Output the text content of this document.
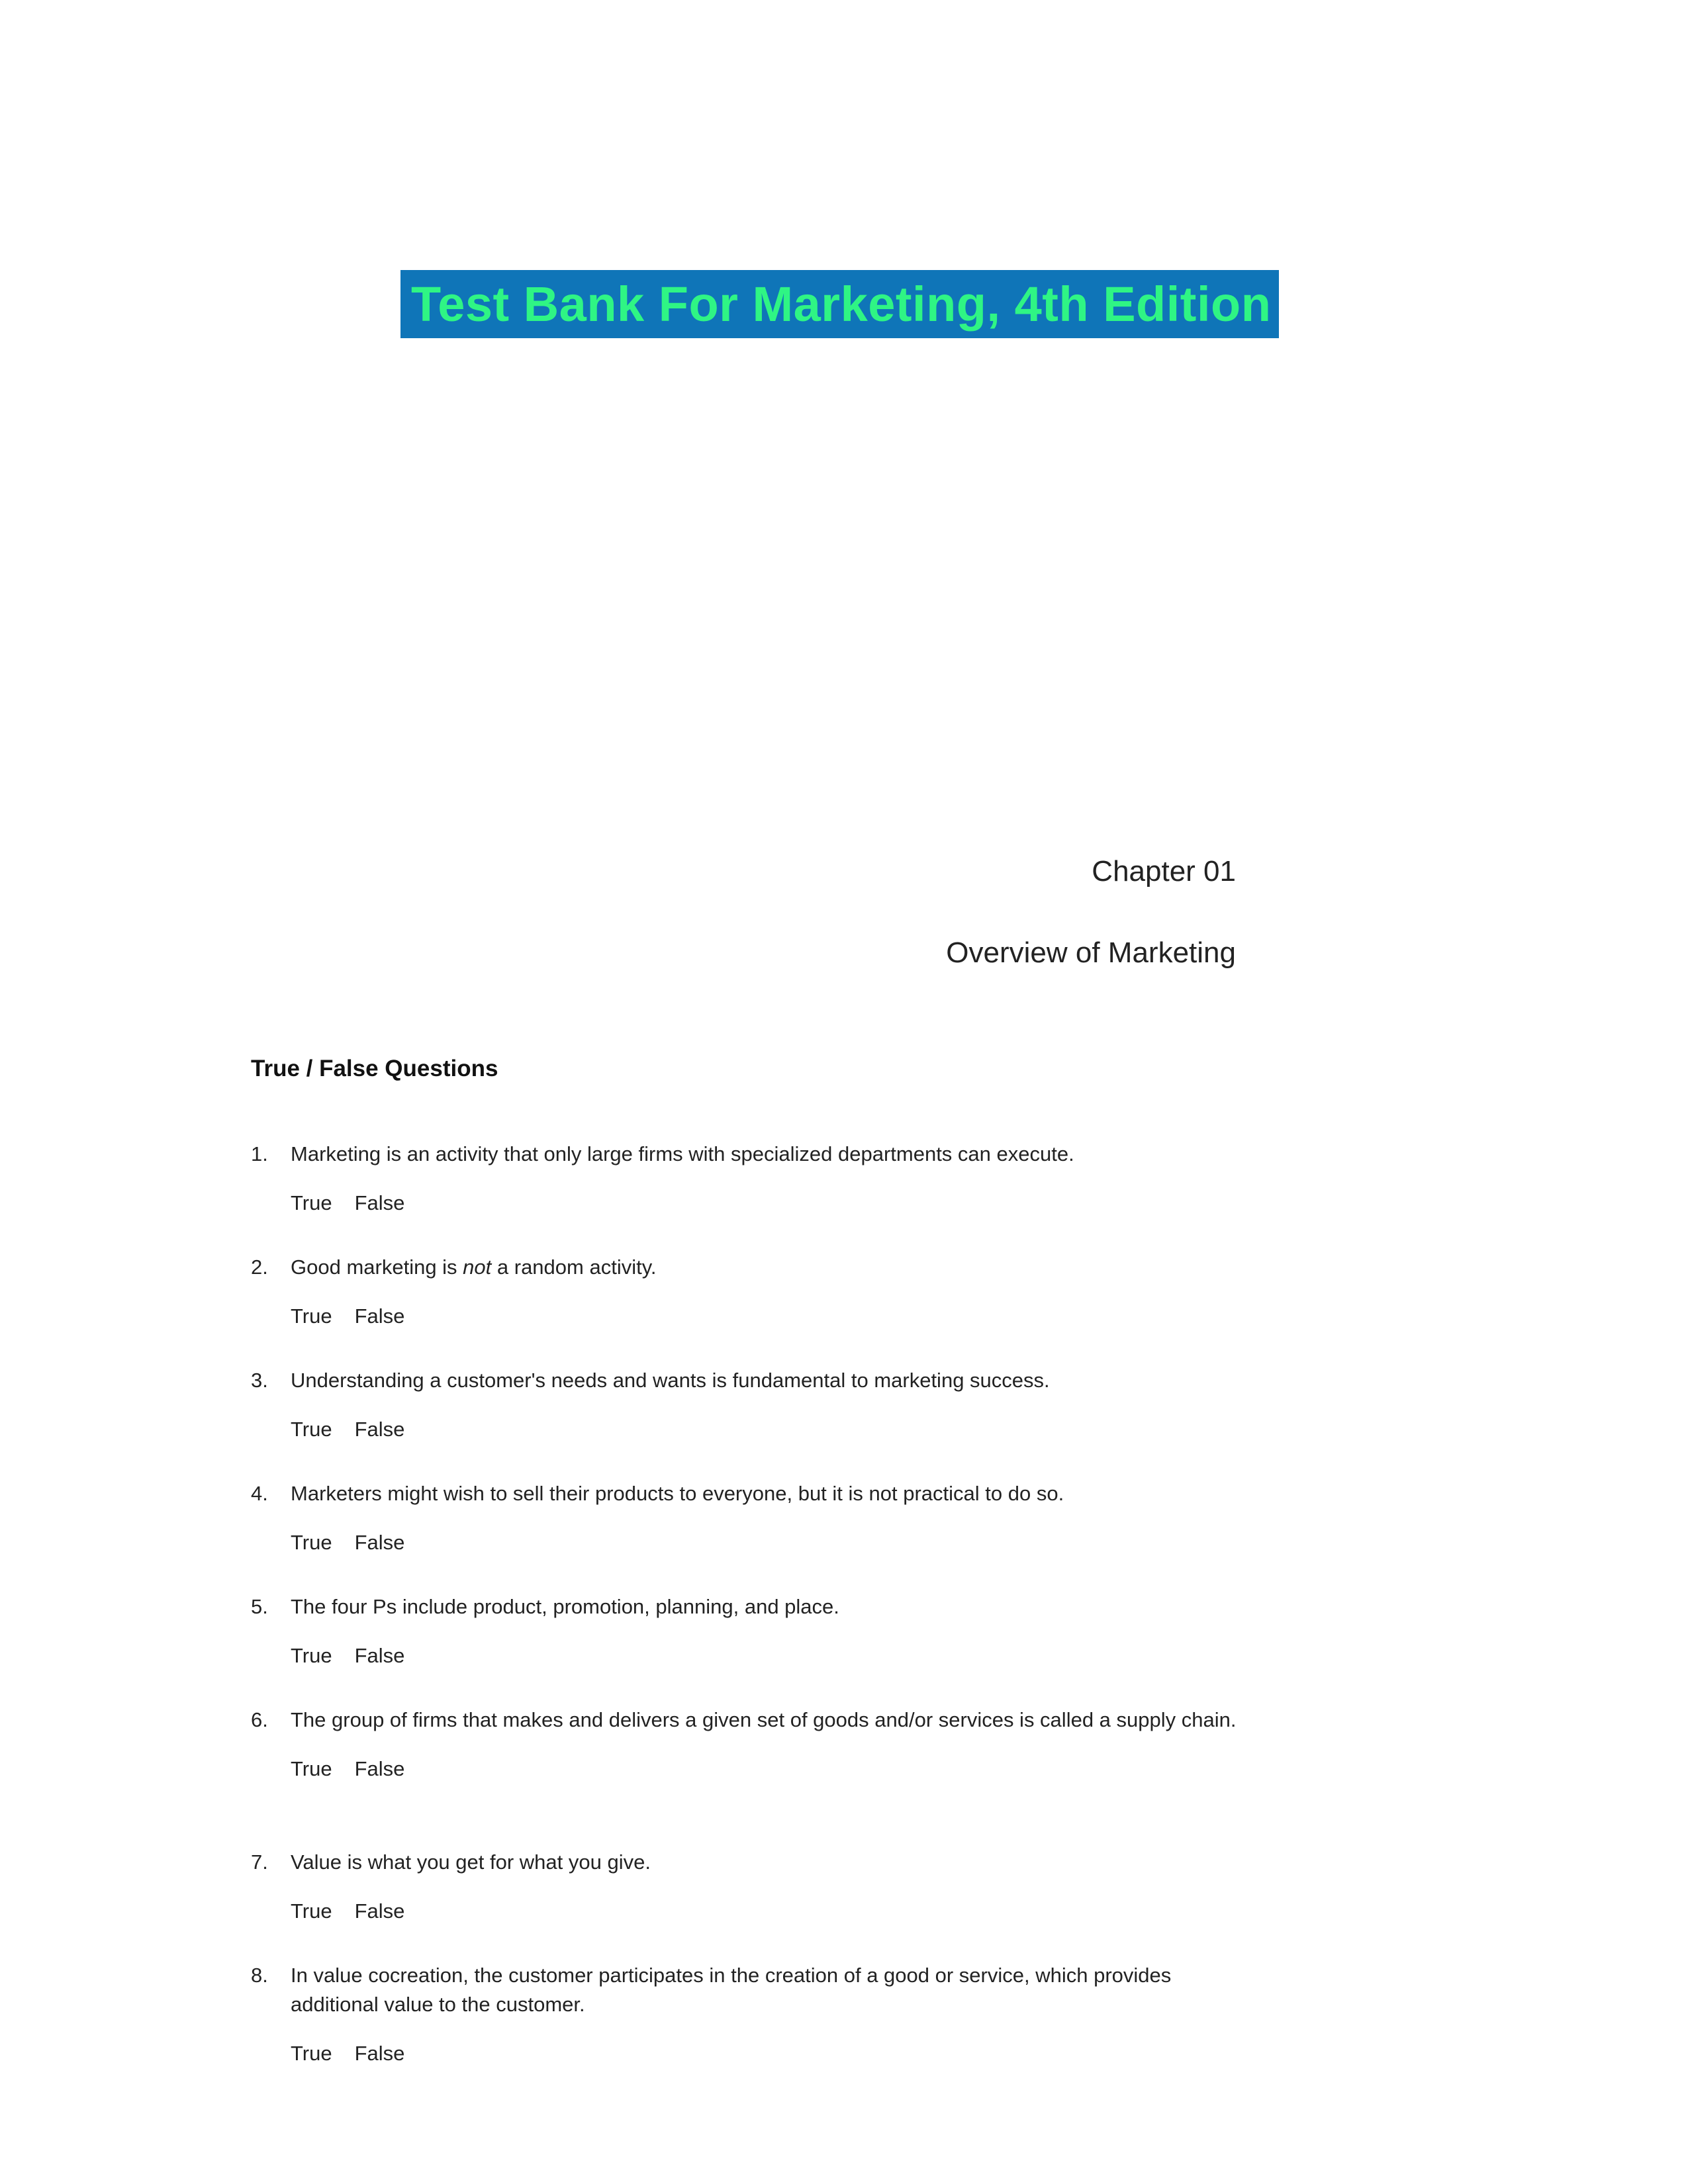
Test Bank For Marketing, 4th Edition
Chapter 01
Overview of Marketing
True / False Questions
1.	Marketing is an activity that only large firms with specialized departments can execute.
True False
2.	Good marketing is not a random activity.
True False
3.	Understanding a customer's needs and wants is fundamental to marketing success.
True False
4.	Marketers might wish to sell their products to everyone, but it is not practical to do so.
True False
5.	The four Ps include product, promotion, planning, and place.
True False
6.	The group of firms that makes and delivers a given set of goods and/or services is called a supply chain.
True False
7.	Value is what you get for what you give.
True False
8.	In value cocreation, the customer participates in the creation of a good or service, which provides additional value to the customer.
True False
